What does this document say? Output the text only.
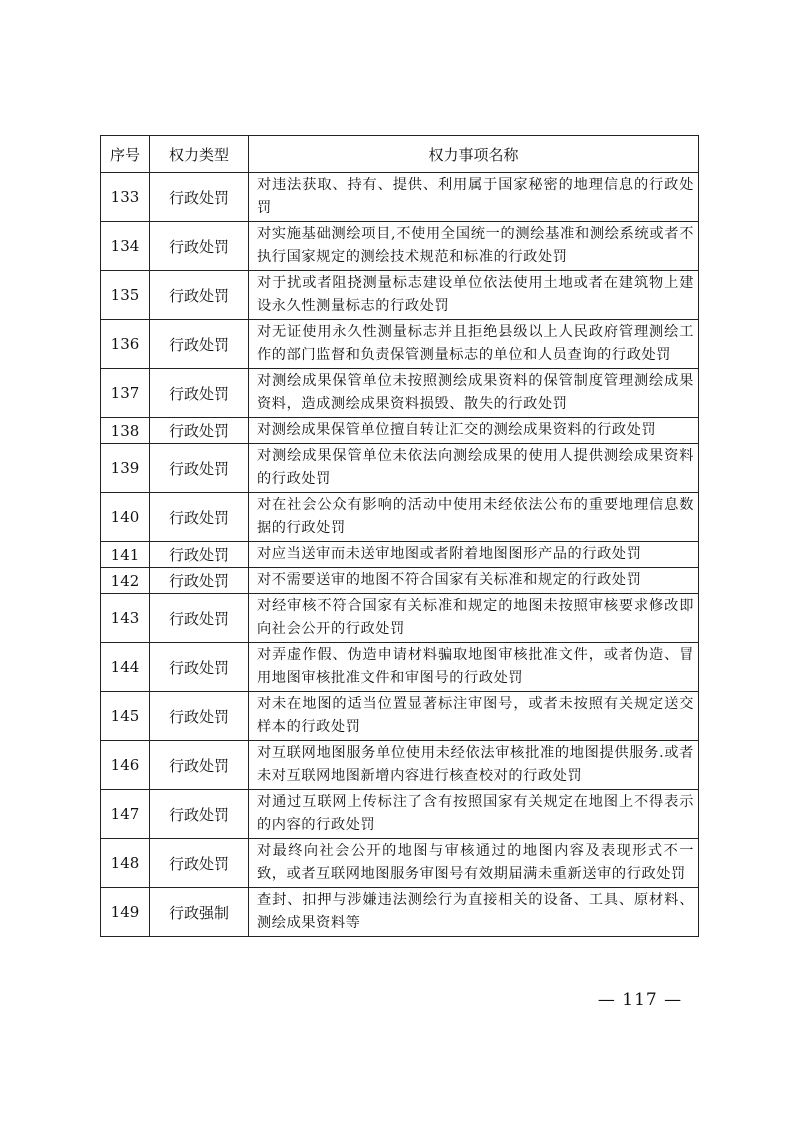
序号	权力类型	权力事项名称
133	行政处罚	对违法获取、持有、提供、利用属于国家秘密的地理信息的行政处罚
134	行政处罚	对实施基础测绘项目,不使用全国统一的测绘基准和测绘系统或者不执行国家规定的测绘技术规范和标准的行政处罚
135	行政处罚	对于扰或者阻挠测量标志建设单位依法使用土地或者在建筑物上建设永久性测量标志的行政处罚
136	行政处罚	对无证使用永久性测量标志并且拒绝县级以上人民政府管理测绘工作的部门监督和负责保管测量标志的单位和人员查询的行政处罚
137	行政处罚	对测绘成果保管单位未按照测绘成果资料的保管制度管理测绘成果资料，造成测绘成果资料损毁、散失的行政处罚
138	行政处罚	对测绘成果保管单位擅自转让汇交的测绘成果资料的行政处罚
139	行政处罚	对测绘成果保管单位未依法向测绘成果的使用人提供测绘成果资料的行政处罚
140	行政处罚	对在社会公众有影响的活动中使用未经依法公布的重要地理信息数据的行政处罚
141	行政处罚	对应当送审而未送审地图或者附着地图图形产品的行政处罚
142	行政处罚	对不需要送审的地图不符合国家有关标准和规定的行政处罚
143	行政处罚	对经审核不符合国家有关标准和规定的地图未按照审核要求修改即向社会公开的行政处罚
144	行政处罚	对弄虚作假、伪造申请材料骗取地图审核批准文件，或者伪造、冒用地图审核批准文件和审图号的行政处罚
145	行政处罚	对未在地图的适当位置显著标注审图号，或者未按照有关规定送交样本的行政处罚
146	行政处罚	对互联网地图服务单位使用未经依法审核批准的地图提供服务.或者未对互联网地图新增内容进行核查校对的行政处罚
147	行政处罚	对通过互联网上传标注了含有按照国家有关规定在地图上不得表示的内容的行政处罚
148	行政处罚	对最终向社会公开的地图与审核通过的地图内容及表现形式不一致，或者互联网地图服务审图号有效期届满未重新送审的行政处罚
149	行政强制	查封、扣押与涉嫌违法测绘行为直接相关的设备、工具、原材料、测绘成果资料等
— 117 —
